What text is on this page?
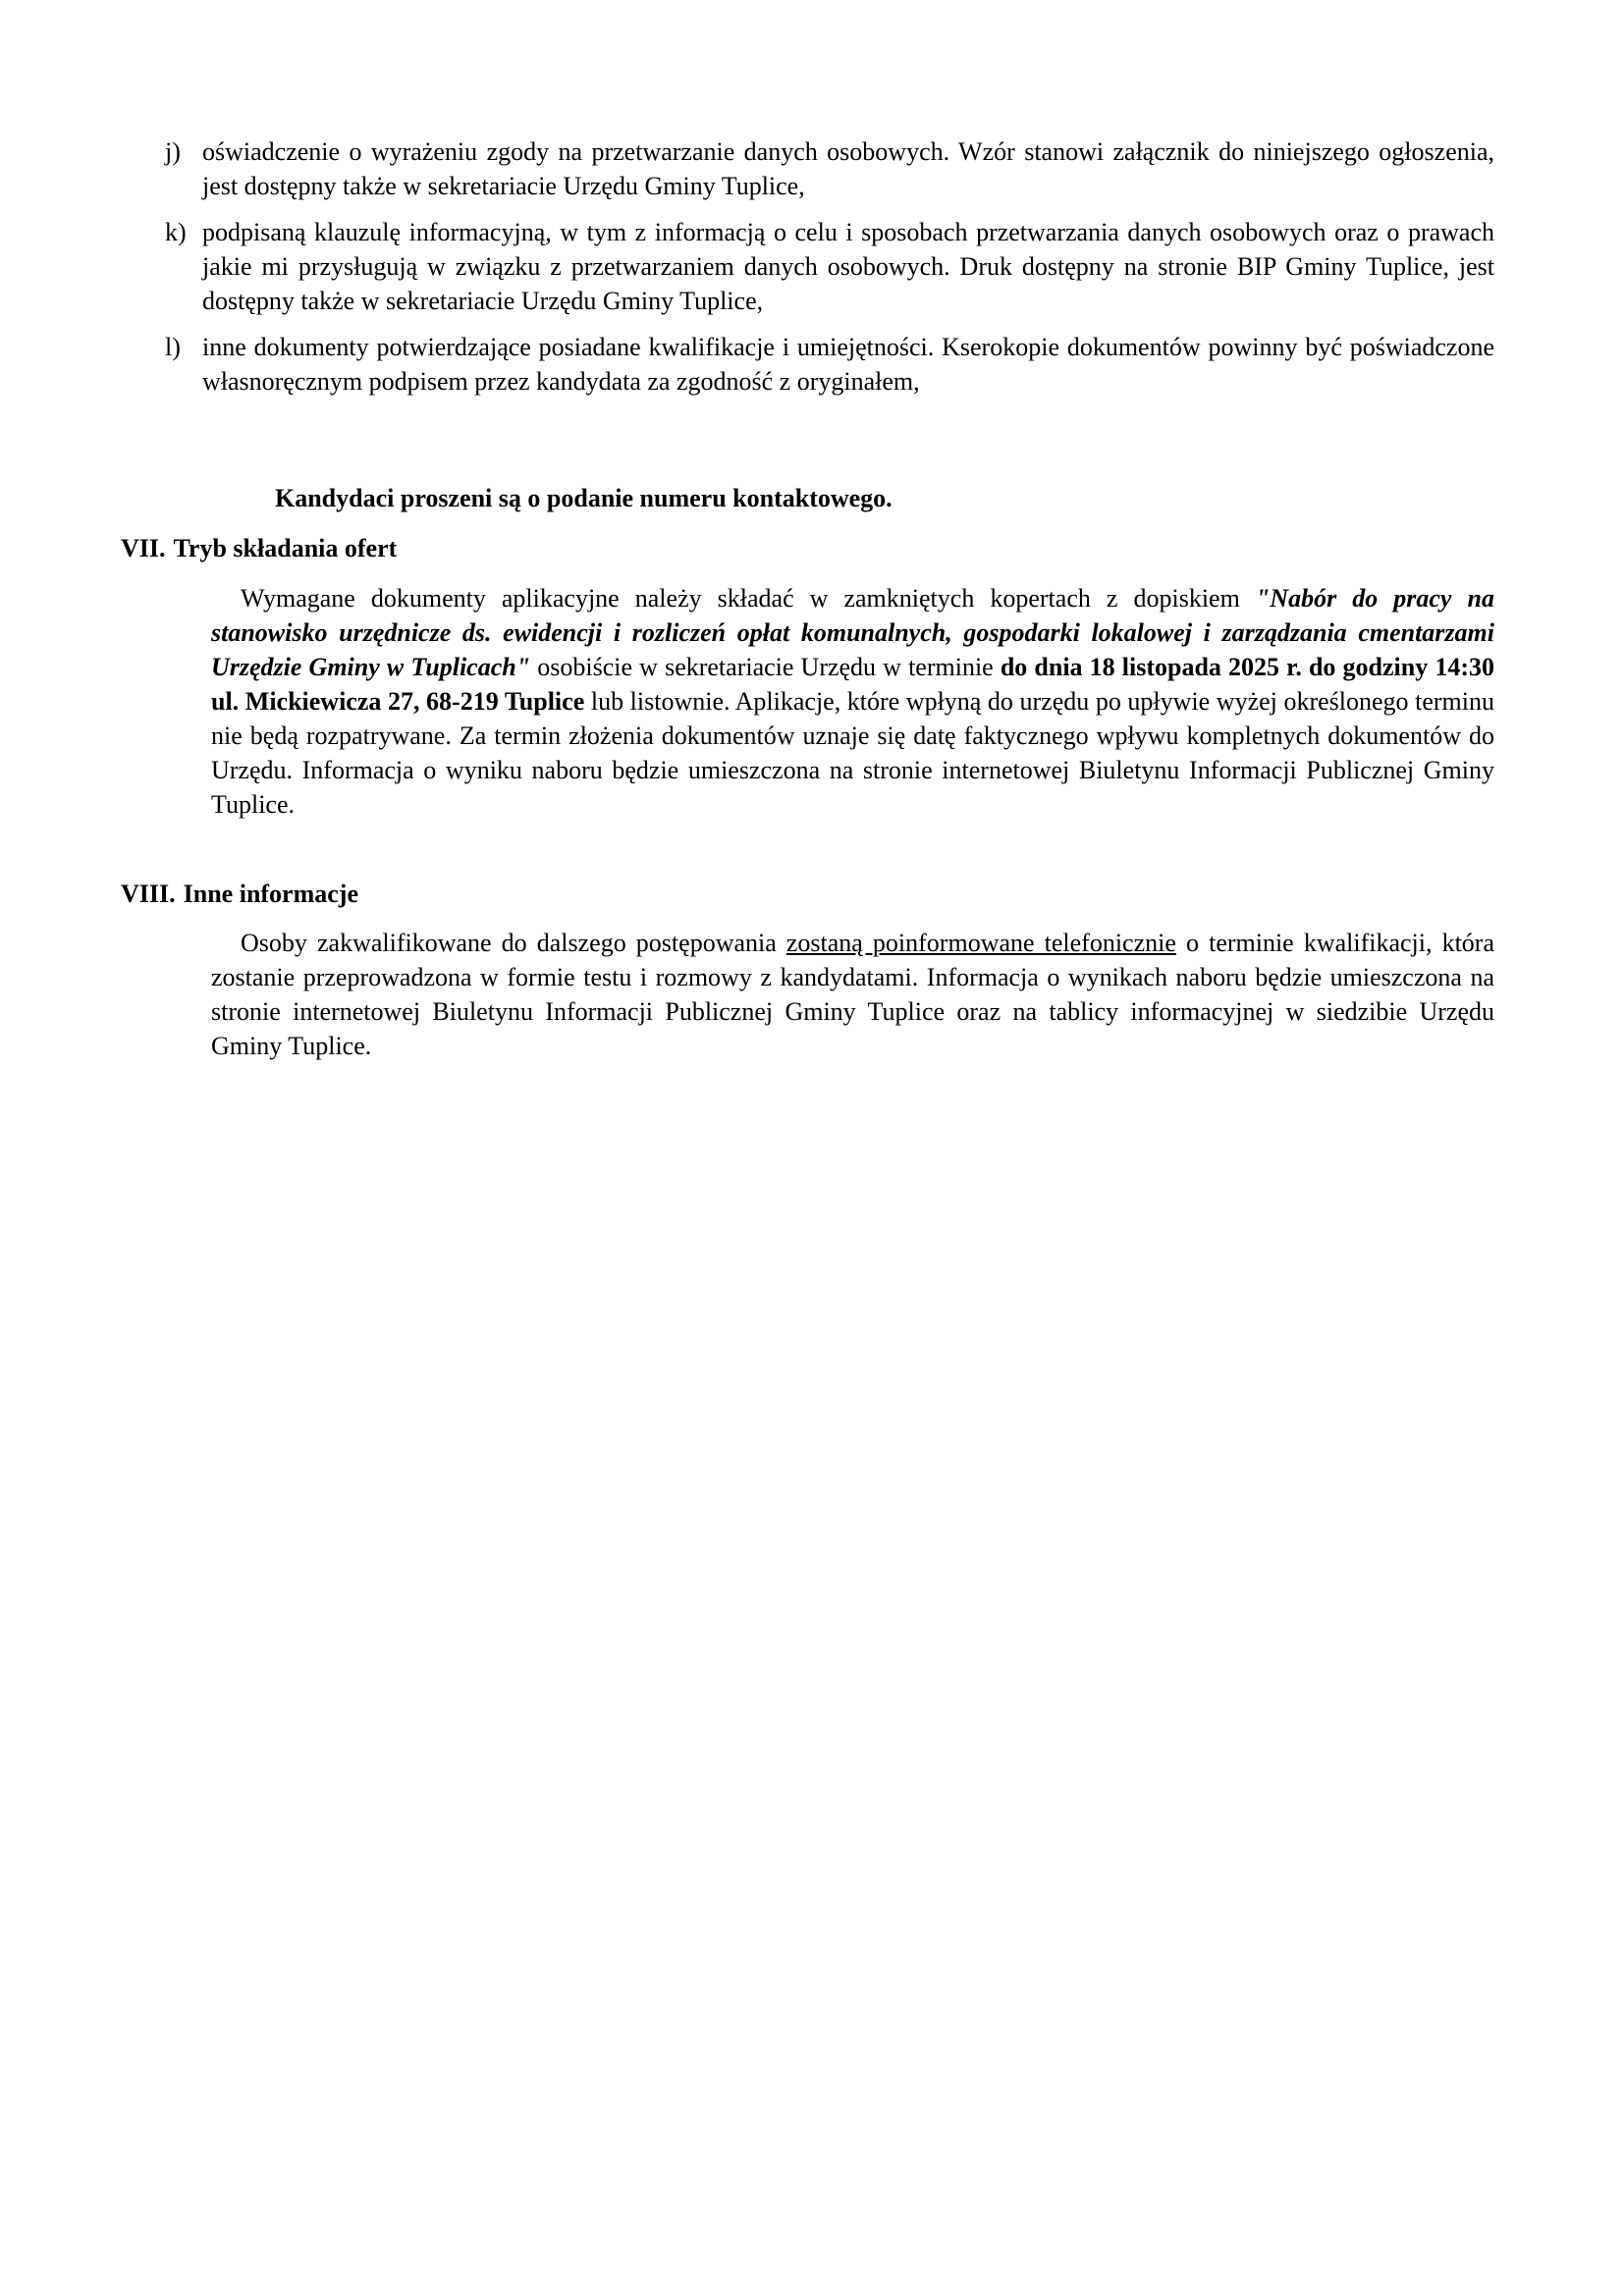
j) oświadczenie o wyrażeniu zgody na przetwarzanie danych osobowych. Wzór stanowi załącznik do niniejszego ogłoszenia, jest dostępny także w sekretariacie Urzędu Gminy Tuplice,
k) podpisaną klauzulę informacyjną, w tym z informacją o celu i sposobach przetwarzania danych osobowych oraz o prawach jakie mi przysługują w związku z przetwarzaniem danych osobowych. Druk dostępny na stronie BIP Gminy Tuplice, jest dostępny także w sekretariacie Urzędu Gminy Tuplice,
l) inne dokumenty potwierdzające posiadane kwalifikacje i umiejętności. Kserokopie dokumentów powinny być poświadczone własnoręcznym podpisem przez kandydata za zgodność z oryginałem,
Kandydaci proszeni są o podanie numeru kontaktowego.
VII. Tryb składania ofert
Wymagane dokumenty aplikacyjne należy składać w zamkniętych kopertach z dopiskiem "Nabór do pracy na stanowisko urzędnicze ds. ewidencji i rozliczeń opłat komunalnych, gospodarki lokalowej i zarządzania cmentarzami Urzędzie Gminy w Tuplicach" osobiście w sekretariacie Urzędu w terminie do dnia 18 listopada 2025 r. do godziny 14:30 ul. Mickiewicza 27, 68-219 Tuplice lub listownie. Aplikacje, które wpłyną do urzędu po upływie wyżej określonego terminu nie będą rozpatrywane. Za termin złożenia dokumentów uznaje się datę faktycznego wpływu kompletnych dokumentów do Urzędu. Informacja o wyniku naboru będzie umieszczona na stronie internetowej Biuletynu Informacji Publicznej Gminy Tuplice.
VIII. Inne informacje
Osoby zakwalifikowane do dalszego postępowania zostaną poinformowane telefonicznie o terminie kwalifikacji, która zostanie przeprowadzona w formie testu i rozmowy z kandydatami. Informacja o wynikach naboru będzie umieszczona na stronie internetowej Biuletynu Informacji Publicznej Gminy Tuplice oraz na tablicy informacyjnej w siedzibie Urzędu Gminy Tuplice.
